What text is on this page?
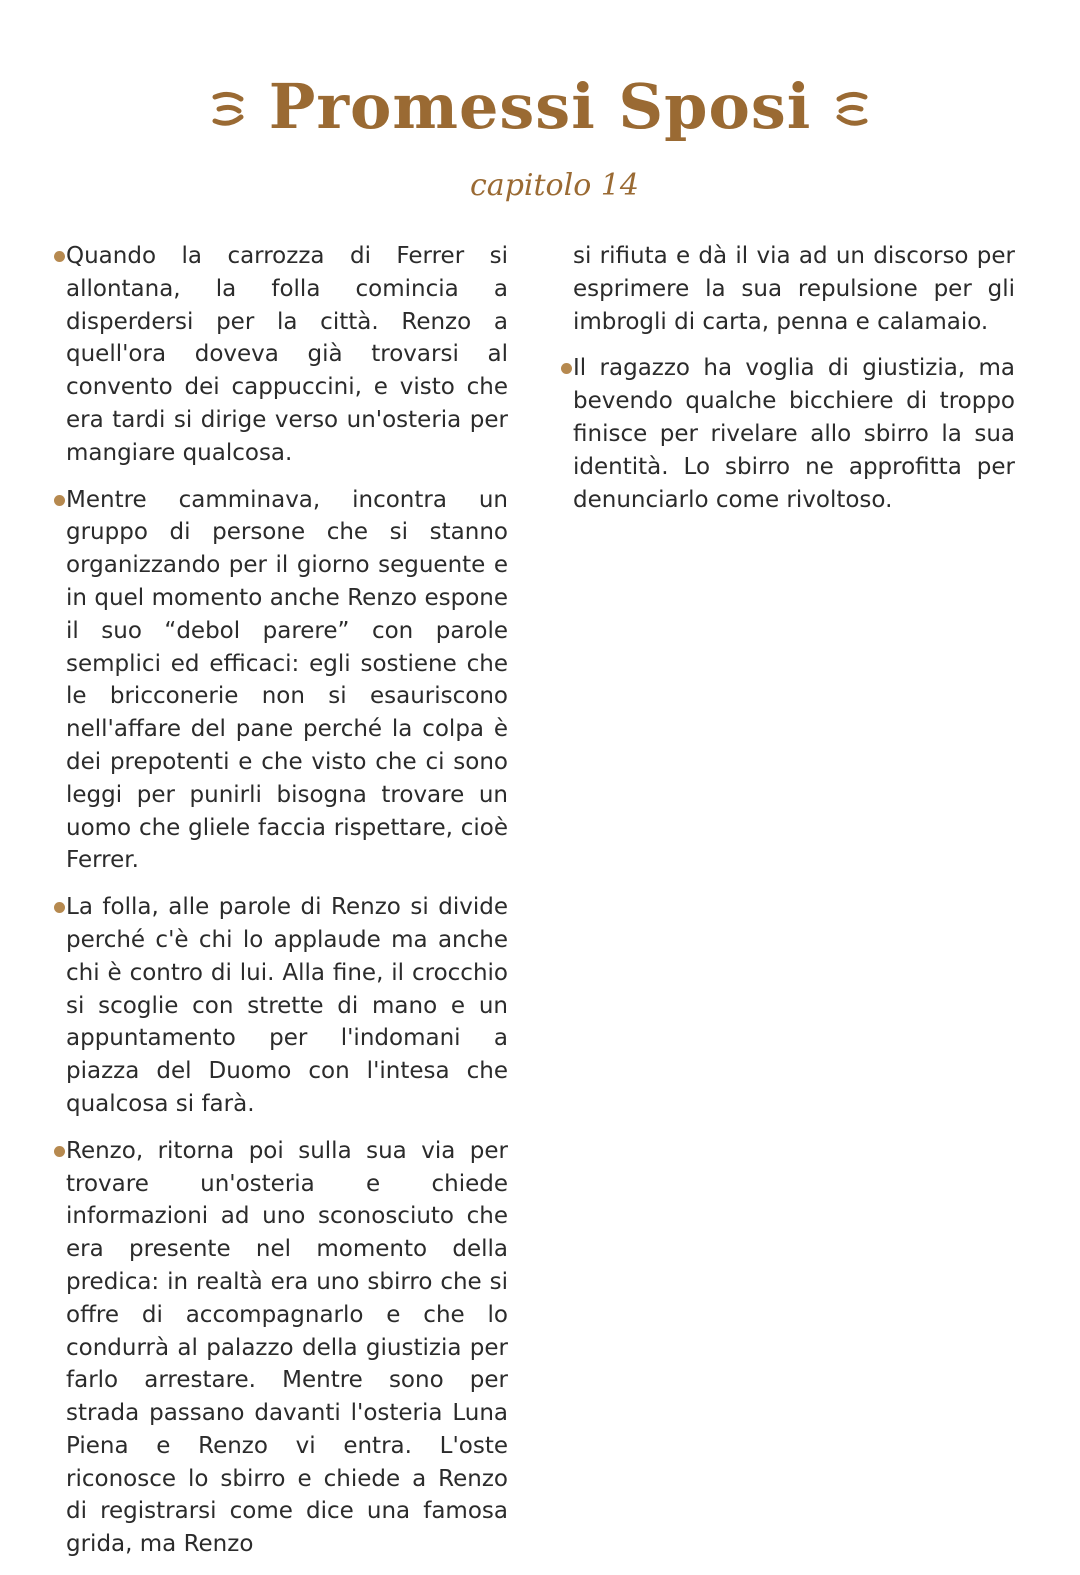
Promessi Sposi
capitolo 14

Quando la carrozza di Ferrer si allontana, la folla comincia a disperdersi per la città. Renzo a quell'ora doveva già trovarsi al convento dei cappuccini, e visto che era tardi si dirige verso un'osteria per mangiare qualcosa.

Mentre camminava, incontra un gruppo di persone che si stanno organizzando per il giorno seguente e in quel momento anche Renzo espone il suo “debol parere” con parole semplici ed efficaci: egli sostiene che le bricconerie non si esauriscono nell'affare del pane perché la colpa è dei prepotenti e che visto che ci sono leggi per punirli bisogna trovare un uomo che gliele faccia rispettare, cioè Ferrer.

La folla, alle parole di Renzo si divide perché c'è chi lo applaude ma anche chi è contro di lui. Alla fine, il crocchio si scoglie con strette di mano e un appuntamento per l'indomani a piazza del Duomo con l'intesa che qualcosa si farà.

Renzo, ritorna poi sulla sua via per trovare un'osteria e chiede informazioni ad uno sconosciuto che era presente nel momento della predica: in realtà era uno sbirro che si offre di accompagnarlo e che lo condurrà al palazzo della giustizia per farlo arrestare. Mentre sono per strada passano davanti l'osteria Luna Piena e Renzo vi entra. L'oste riconosce lo sbirro e chiede a Renzo di registrarsi come dice una famosa grida, ma Renzo

si rifiuta e dà il via ad un discorso per esprimere la sua repulsione per gli imbrogli di carta, penna e calamaio.

Il ragazzo ha voglia di giustizia, ma bevendo qualche bicchiere di troppo finisce per rivelare allo sbirro la sua identità. Lo sbirro ne approfitta per denunciarlo come rivoltoso.
